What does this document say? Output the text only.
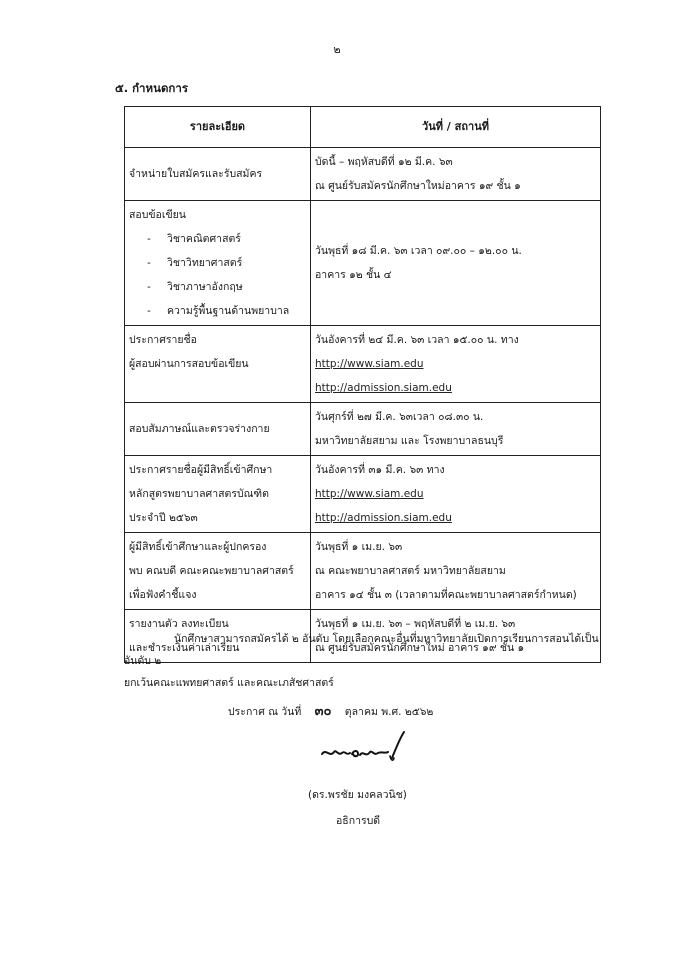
๒
๕. กำหนดการ
รายละเอียด	วันที่ / สถานที่

จำหน่ายใบสมัครและรับสมัคร	บัดนี้ – พฤหัสบดีที่ ๑๒ มี.ค. ๖๓
ณ ศูนย์รับสมัครนักศึกษาใหม่อาคาร ๑๙ ชั้น ๑

สอบข้อเขียน
- วิชาคณิตศาสตร์
- วิชาวิทยาศาสตร์
- วิชาภาษาอังกฤษ
- ความรู้พื้นฐานด้านพยาบาล	วันพุธที่ ๑๘ มี.ค. ๖๓ เวลา ๐๙.๐๐ – ๑๒.๐๐ น.
อาคาร ๑๒ ชั้น ๔

ประกาศรายชื่อ
ผู้สอบผ่านการสอบข้อเขียน	วันอังคารที่ ๒๔ มี.ค. ๖๓ เวลา ๑๕.๐๐ น. ทาง
http://www.siam.edu
http://admission.siam.edu

สอบสัมภาษณ์และตรวจร่างกาย	วันศุกร์ที่ ๒๗ มี.ค. ๖๓เวลา ๐๘.๓๐ น.
มหาวิทยาลัยสยาม และ โรงพยาบาลธนบุรี

ประกาศรายชื่อผู้มีสิทธิ์เข้าศึกษา
หลักสูตรพยาบาลศาสตรบัณฑิต
ประจำปี ๒๕๖๓	วันอังคารที่ ๓๑ มี.ค. ๖๓ ทาง
http://www.siam.edu
http://admission.siam.edu

ผู้มีสิทธิ์เข้าศึกษาและผู้ปกครอง
พบ คณบดี คณะคณะพยาบาลศาสตร์
เพื่อฟังคำชี้แจง	วันพุธที่ ๑ เม.ย. ๖๓
ณ คณะพยาบาลศาสตร์ มหาวิทยาลัยสยาม
อาคาร ๑๔ ชั้น ๓ (เวลาตามที่คณะพยาบาลศาสตร์กำหนด)

รายงานตัว ลงทะเบียน
และชำระเงินค่าเล่าเรียน	วันพุธที่ ๑ เม.ย. ๖๓ – พฤหัสบดีที่ ๒ เม.ย. ๖๓
ณ ศูนย์รับสมัครนักศึกษาใหม่ อาคาร ๑๙ ชั้น ๑
นักศึกษาสามารถสมัครได้ ๒ อันดับ โดยเลือกคณะอื่นที่มหาวิทยาลัยเปิดการเรียนการสอนได้เป็นอันดับ ๒
ยกเว้นคณะแพทยศาสตร์ และคณะเภสัชศาสตร์
ประกาศ ณ วันที่ ๓๐ ตุลาคม พ.ศ. ๒๕๖๒
(ดร.พรชัย มงคลวนิช)
อธิการบดี
